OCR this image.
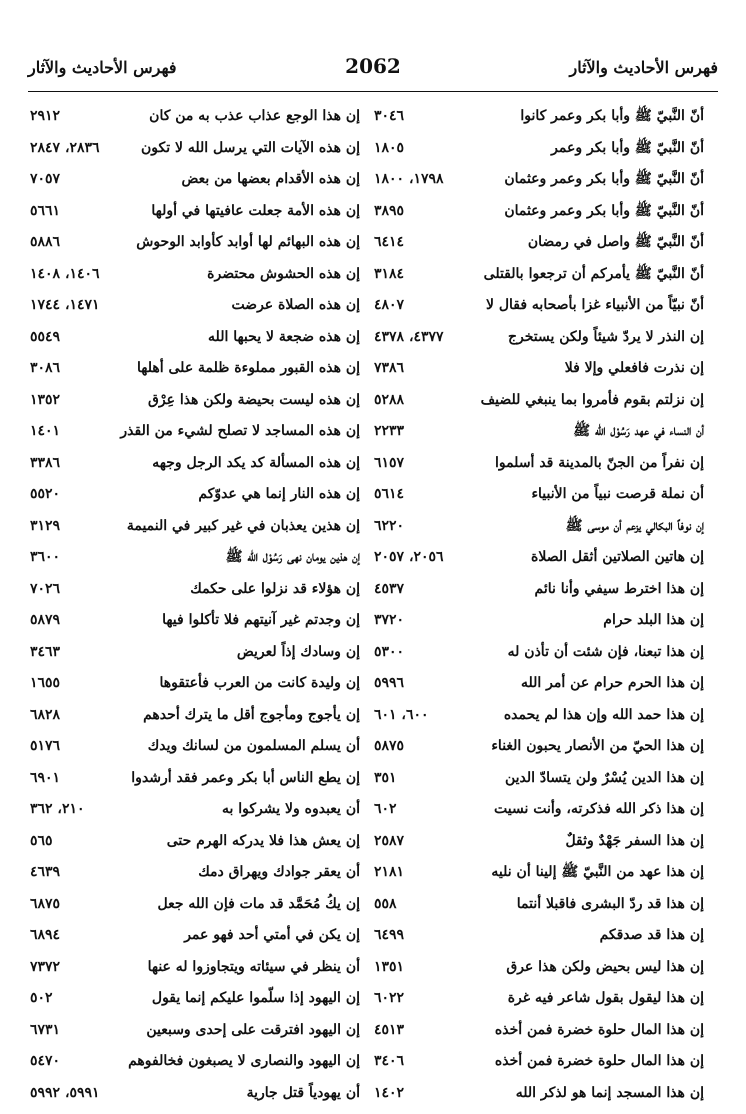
فهرس الأحاديث والآثار
2062
فهرس الأحاديث والآثار
أنّ النَّبيّ ﷺ وأبا بكر وعمر كانوا
٣٠٤٦
أنّ النَّبيّ ﷺ وأبا بكر وعمر
١٨٠٥
أنّ النَّبيّ ﷺ وأبا بكر وعمر وعثمان
١٧٩٨، ١٨٠٠
أنّ النَّبيّ ﷺ وأبا بكر وعمر وعثمان
٣٨٩٥
أنّ النَّبيّ ﷺ واصل في رمضان
٦٤١٤
أنّ النَّبيّ ﷺ يأمركم أن ترجعوا بالقتلى
٣١٨٤
أنّ نبيّاً من الأنبياء غزا بأصحابه فقال لا
٤٨٠٧
إن النذر لا يردّ شيئاً ولكن يستخرج
٤٣٧٧، ٤٣٧٨
إن نذرت فافعلي وإلا فلا
٧٣٨٦
إن نزلتم بقوم فأمروا بما ينبغي للضيف
٥٢٨٨
أن النساء في عهد رَسُوْل الله ﷺ
٢٢٣٣
إن نفراً من الجنّ بالمدينة قد أسلموا
٦١٥٧
أن نملة قرصت نبياً من الأنبياء
٥٦١٤
إن نوفاً البكالي يزعم أن موسى ﷺ
٦٢٢٠
إن هاتين الصلاتين أثقل الصلاة
٢٠٥٦، ٢٠٥٧
إن هذا اخترط سيفي وأنا نائم
٤٥٣٧
إن هذا البلد حرام
٣٧٢٠
إن هذا تبعنا، فإن شئت أن تأذن له
٥٣٠٠
إن هذا الحرم حرام عن أمر الله
٥٩٩٦
إن هذا حمد الله وإن هذا لم يحمده
٦٠٠، ٦٠١
إن هذا الحيّ من الأنصار يحبون الغناء
٥٨٧٥
إن هذا الدين يُسْرٌ ولن يتسادّ الدين
٣٥١
إن هذا ذكر الله فذكرته، وأنت نسيت
٦٠٢
إن هذا السفر جَهْدٌ وثقلٌ
٢٥٨٧
إن هذا عهد من النَّبيّ ﷺ إلينا أن نليه
٢١٨١
إن هذا قد ردّ البشرى فاقبلا أنتما
٥٥٨
إن هذا قد صدقكم
٦٤٩٩
إن هذا ليس بحيض ولكن هذا عرق
١٣٥١
إن هذا ليقول بقول شاعر فيه غرة
٦٠٢٢
إن هذا المال حلوة خضرة فمن أخذه
٤٥١٣
إن هذا المال حلوة خضرة فمن أخذه
٣٤٠٦
إن هذا المسجد إنما هو لذكر الله
١٤٠٢
إن هذا الوجع عذاب عذب به من كان
٢٩١٢
إن هذه الآيات التي يرسل الله لا تكون
٢٨٣٦، ٢٨٤٧
إن هذه الأقدام بعضها من بعض
٧٠٥٧
إن هذه الأمة جعلت عافيتها في أولها
٥٦٦١
إن هذه البهائم لها أوابد كأوابد الوحوش
٥٨٨٦
إن هذه الحشوش محتضرة
١٤٠٦، ١٤٠٨
إن هذه الصلاة عرضت
١٤٧١، ١٧٤٤
إن هذه ضجعة لا يحبها الله
٥٥٤٩
إن هذه القبور مملوءة ظلمة على أهلها
٣٠٨٦
إن هذه ليست بحيضة ولكن هذا عِرْق
١٣٥٢
إن هذه المساجد لا تصلح لشيء من القذر
١٤٠١
إن هذه المسألة كد يكد الرجل وجهه
٣٣٨٦
إن هذه النار إنما هي عدوّكم
٥٥٢٠
إن هذين يعذبان في غير كبير في النميمة
٣١٢٩
إن هذين يومان نهى رَسُوْل الله ﷺ
٣٦٠٠
إن هؤلاء قد نزلوا على حكمك
٧٠٢٦
إن وجدتم غير آنيتهم فلا تأكلوا فيها
٥٨٧٩
إن وسادك إذاً لعريض
٣٤٦٣
إن وليدة كانت من العرب فأعتقوها
١٦٥٥
إن يأجوج ومأجوج أقل ما يترك أحدهم
٦٨٢٨
أن يسلم المسلمون من لسانك ويدك
٥١٧٦
إن يطع الناس أبا بكر وعمر فقد أرشدوا
٦٩٠١
أن يعبدوه ولا يشركوا به
٢١٠، ٣٦٢
إن يعش هذا فلا يدركه الهرم حتى
٥٦٥
أن يعقر جوادك ويهراق دمك
٤٦٣٩
إن يكُ مُحَمَّد قد مات فإن الله جعل
٦٨٧٥
إن يكن في أمتي أحد فهو عمر
٦٨٩٤
أن ينظر في سيئاته ويتجاوزوا له عنها
٧٣٧٢
إن اليهود إذا سلّموا عليكم إنما يقول
٥٠٢
إن اليهود افترقت على إحدى وسبعين
٦٧٣١
إن اليهود والنصارى لا يصبغون فخالفوهم
٥٤٧٠
أن يهودياً قتل جارية
٥٩٩١، ٥٩٩٢
